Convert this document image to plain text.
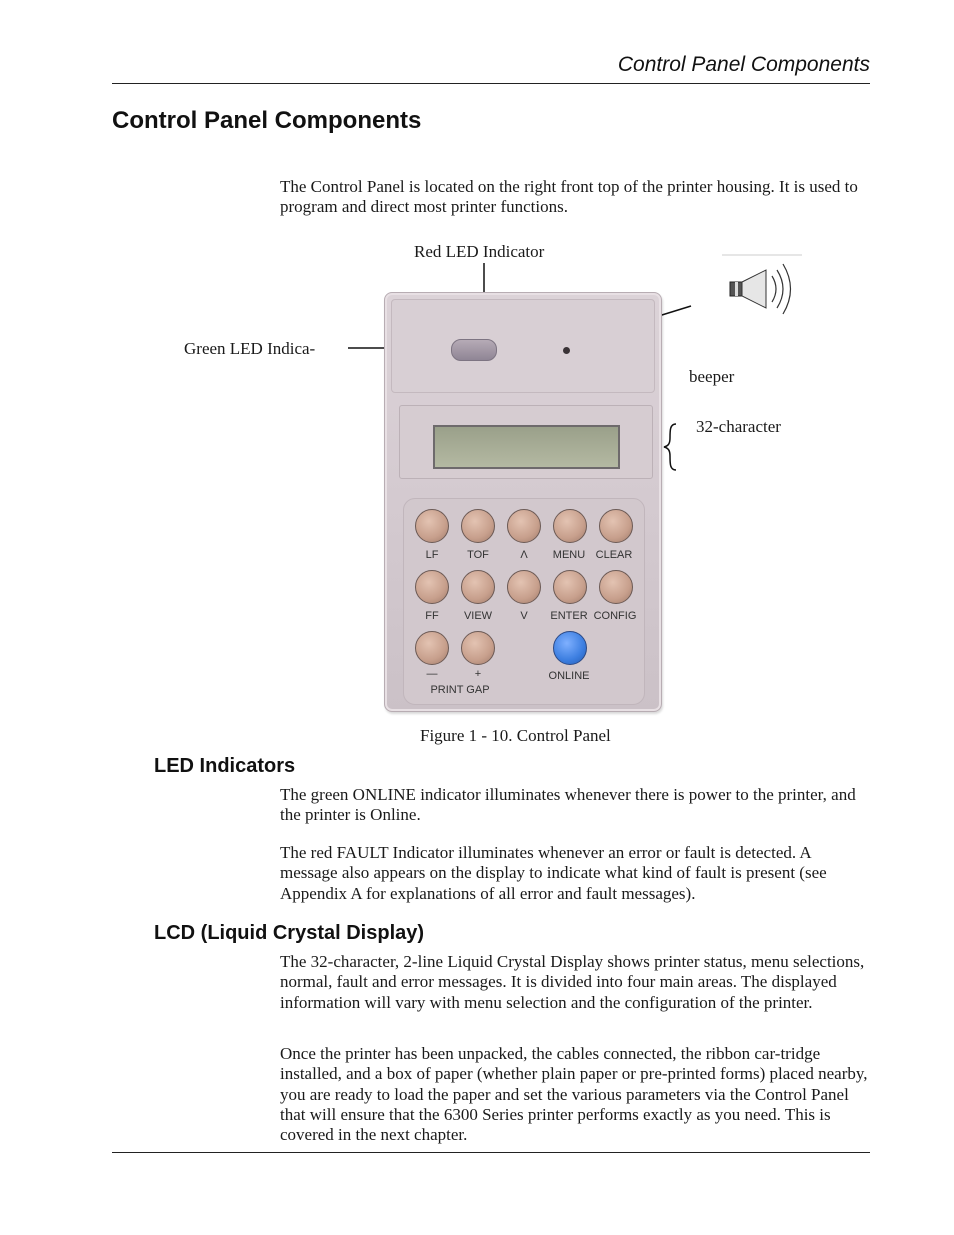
Control Panel Components
Control Panel Components
The Control Panel is located on the right front top of the printer housing. It is used to program and direct most printer functions.
Red LED Indicator
Green LED Indica-
beeper
32-character
LF	TOF	Λ	MENU CLEAR
FF	VIEW	V	ENTER CONFIG
—	+
PRINT GAP
ONLINE
Figure 1 - 10. Control Panel
LED Indicators
The green ONLINE indicator illuminates whenever there is power to the printer, and the printer is Online.
The red FAULT Indicator illuminates whenever an error or fault is detected. A message also appears on the display to indicate what kind of fault is present (see Appendix A for explanations of all error and fault messages).
LCD (Liquid Crystal Display)
The 32-character, 2-line Liquid Crystal Display shows printer status, menu selections, normal, fault and error messages. It is divided into four main areas. The displayed information will vary with menu selection and the configuration of the printer.
Once the printer has been unpacked, the cables connected, the ribbon car-tridge installed, and a box of paper (whether plain paper or pre-printed forms) placed nearby, you are ready to load the paper and set the various parameters via the Control Panel that will ensure that the 6300 Series printer performs exactly as you need. This is covered in the next chapter.
